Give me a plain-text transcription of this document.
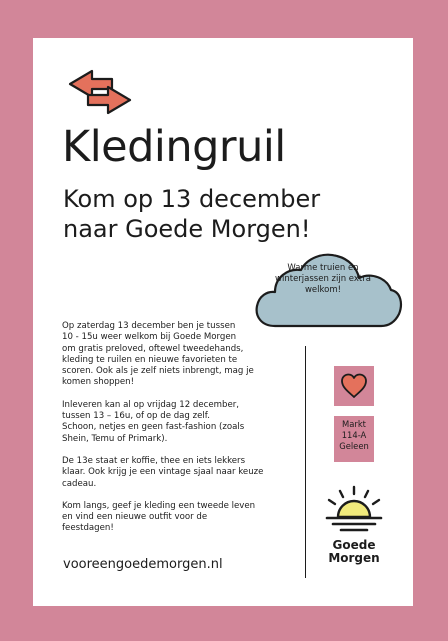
Kledingruil
Kom op 13 december
naar Goede Morgen!
Warme truien en winterjassen zijn extra welkom!

Op zaterdag 13 december ben je tussen
10 - 15u weer welkom bij Goede Morgen
om gratis preloved, oftewel tweedehands,
kleding te ruilen en nieuwe favorieten te
scoren. Ook als je zelf niets inbrengt, mag je
komen shoppen!

Inleveren kan al op vrijdag 12 december,
tussen 13 – 16u, of op de dag zelf.
Schoon, netjes en geen fast-fashion (zoals
Shein, Temu of Primark).

De 13e staat er koffie, thee en iets lekkers
klaar. Ook krijg je een vintage sjaal naar keuze
cadeau.

Kom langs, geef je kleding een tweede leven
en vind een nieuwe outfit voor de
feestdagen!

vooreengoedemorgen.nl
Markt
114-A
Geleen
Goede
Morgen
